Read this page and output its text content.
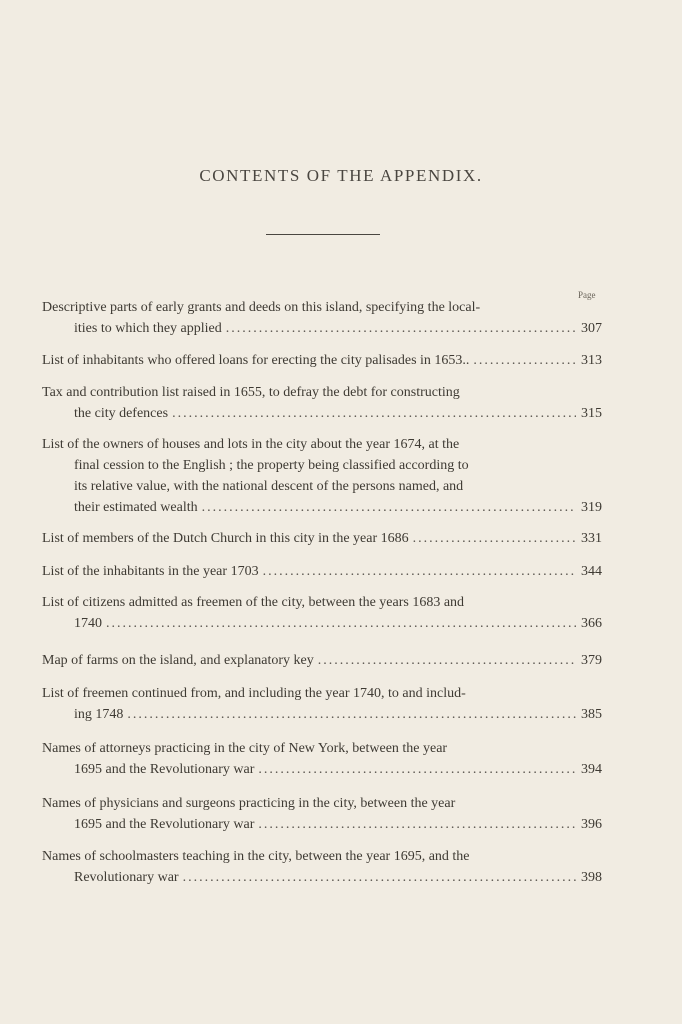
CONTENTS OF THE APPENDIX.
Page
Descriptive parts of early grants and deeds on this island, specifying the local-
ities to which they applied .....	307
List of inhabitants who offered loans for erecting the city palisades in 1653.. .....	313
Tax and contribution list raised in 1655, to defray the debt for constructing
the city defences .....	315
List of the owners of houses and lots in the city about the year 1674, at the
final cession to the English ; the property being classified according to
its relative value, with the national descent of the persons named, and
their estimated wealth .....	319
List of members of the Dutch Church in this city in the year 1686 .....	331
List of the inhabitants in the year 1703 .....	344
List of citizens admitted as freemen of the city, between the years 1683 and
1740 .....	366
Map of farms on the island, and explanatory key .....	379
List of freemen continued from, and including the year 1740, to and includ-
ing 1748 .....	385
Names of attorneys practicing in the city of New York, between the year
1695 and the Revolutionary war .....	394
Names of physicians and surgeons practicing in the city, between the year
1695 and the Revolutionary war .....	396
Names of schoolmasters teaching in the city, between the year 1695, and the
Revolutionary war .....	398
